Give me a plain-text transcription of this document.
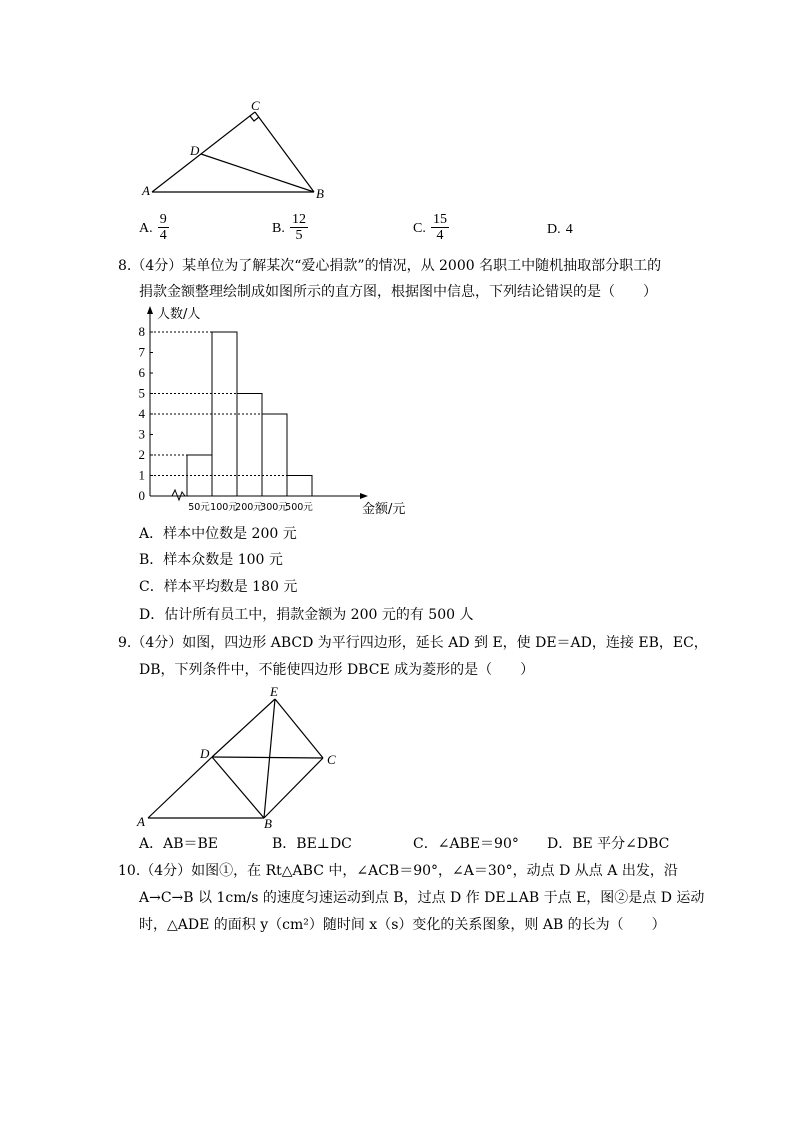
C
D
A	B
A. $\frac{9}{4}$	B. $\frac{12}{5}$	C. $\frac{15}{4}$	D. 4
8.（4分）某单位为了解某次“爱心捐款”的情况，从 2000 名职工中随机抽取部分职工的
捐款金额整理绘制成如图所示的直方图，根据图中信息，下列结论错误的是（　　）
0
1
2
3
4
5
6
7
8
50元 100元
200元
300元
500元
人数/人
金额/元
A．样本中位数是 200 元
B．样本众数是 100 元
C．样本平均数是 180 元
D．估计所有员工中，捐款金额为 200 元的有 500 人
9.（4分）如图，四边形 ABCD 为平行四边形，延长 AD 到 E，使 DE＝AD，连接 EB，EC，
DB，下列条件中，不能使四边形 DBCE 成为菱形的是（　　）
E
D	C
A	B
A．AB＝BE	B．BE⊥DC	C．∠ABE＝90° D．BE 平分∠DBC
10.（4分）如图①，在 Rt△ABC 中，∠ACB＝90°，∠A＝30°，动点 D 从点 A 出发，沿
A→C→B 以 1cm/s 的速度匀速运动到点 B，过点 D 作 DE⊥AB 于点 E，图②是点 D 运动
时，△ADE 的面积 y（cm²）随时间 x（s）变化的关系图象，则 AB 的长为（　　）
